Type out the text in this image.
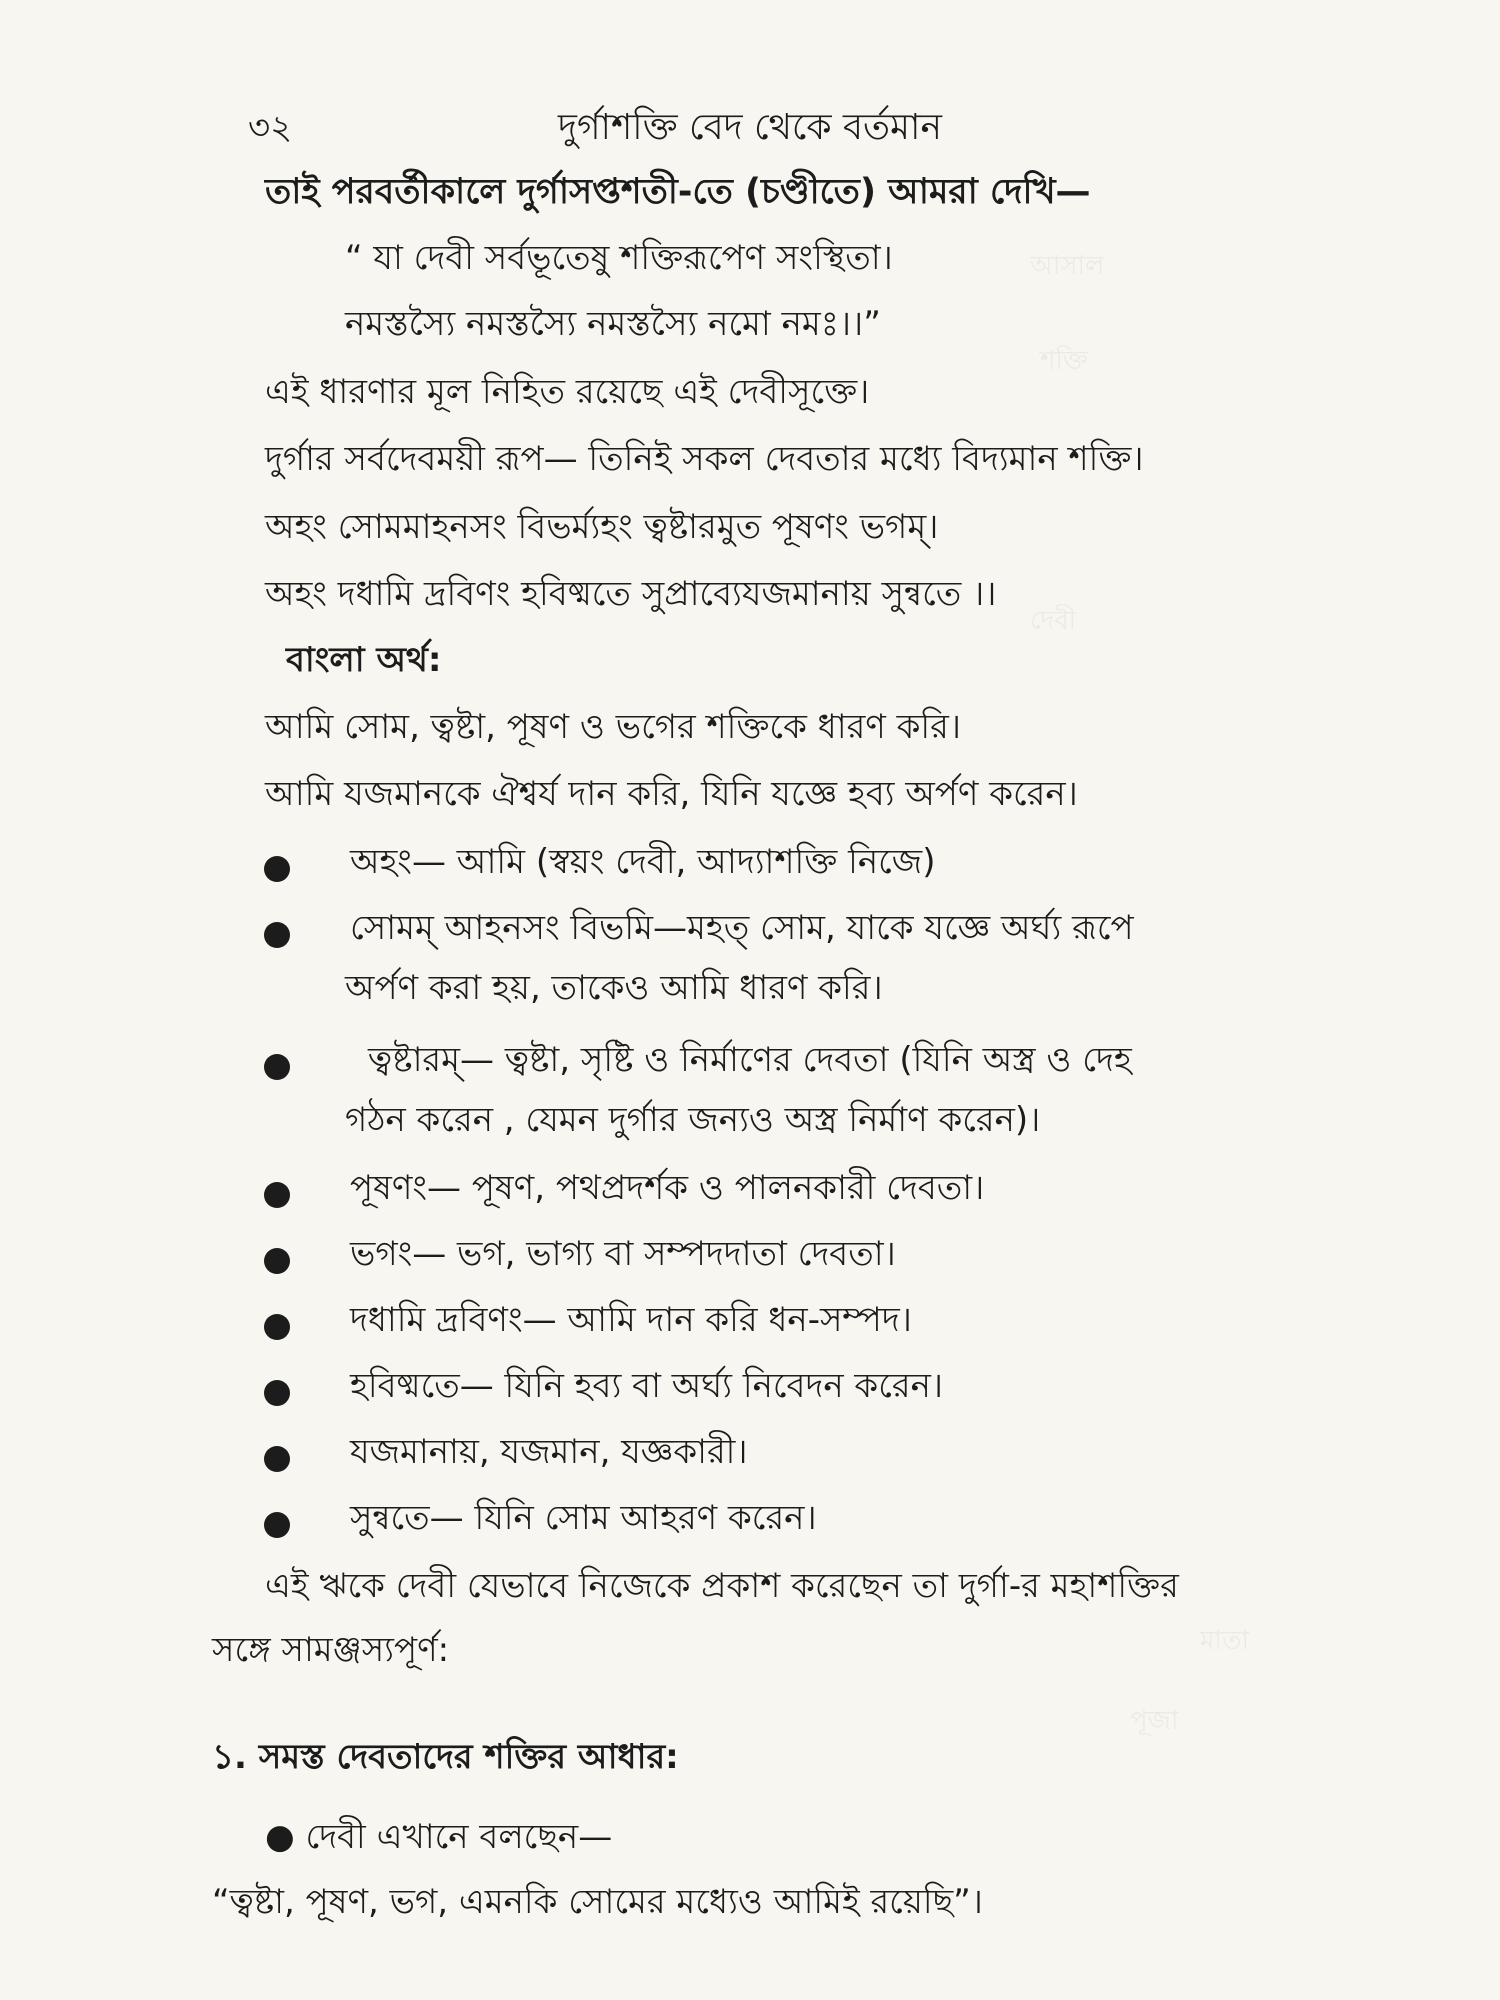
আসাল
শক্তি
দেবী
মাতা
পূজা
৩২	দুর্গাশক্তি বেদ থেকে বর্তমান
তাই পরবর্তীকালে দুর্গাসপ্তশতী-তে (চণ্ডীতে) আমরা দেখি—
“ যা দেবী সর্বভূতেষু শক্তিরূপেণ সংস্থিতা।
নমস্তস্যৈ নমস্তস্যৈ নমস্তস্যৈ নমো নমঃ।।”
এই ধারণার মূল নিহিত রয়েছে এই দেবীসূক্তে।
দুর্গার সর্বদেবময়ী রূপ— তিনিই সকল দেবতার মধ্যে বিদ্যমান শক্তি।
অহং সোমমাহনসং বিভর্ম্যহং ত্বষ্টারমুত পূষণং ভগম্।
অহং দধামি দ্রবিণং হবিষ্মতে সুপ্রাব্যেযজমানায় সুন্বতে ।।
বাংলা অর্থ:
আমি সোম, ত্বষ্টা, পূষণ ও ভগের শক্তিকে ধারণ করি।
আমি যজমানকে ঐশ্বর্য দান করি, যিনি যজ্ঞে হব্য অর্পণ করেন।
অহং— আমি (স্বয়ং দেবী, আদ্যাশক্তি নিজে)
সোমম্ আহনসং বিভমি—মহত্ সোম, যাকে যজ্ঞে অর্ঘ্য রূপে
অর্পণ করা হয়, তাকেও আমি ধারণ করি।
ত্বষ্টারম্— ত্বষ্টা, সৃষ্টি ও নির্মাণের দেবতা (যিনি অস্ত্র ও দেহ
গঠন করেন , যেমন দুর্গার জন্যও অস্ত্র নির্মাণ করেন)।
পূষণং— পূষণ, পথপ্রদর্শক ও পালনকারী দেবতা।
ভগং— ভগ, ভাগ্য বা সম্পদদাতা দেবতা।
দধামি দ্রবিণং— আমি দান করি ধন-সম্পদ।
হবিষ্মতে— যিনি হব্য বা অর্ঘ্য নিবেদন করেন।
যজমানায়, যজমান, যজ্ঞকারী।
সুন্বতে— যিনি সোম আহরণ করেন।
এই ঋকে দেবী যেভাবে নিজেকে প্রকাশ করেছেন তা দুর্গা-র মহাশক্তির
সঙ্গে সামঞ্জস্যপূর্ণ:
১. সমস্ত দেবতাদের শক্তির আধার:
● দেবী এখানে বলছেন—
“ত্বষ্টা, পূষণ, ভগ, এমনকি সোমের মধ্যেও আমিই রয়েছি”।
